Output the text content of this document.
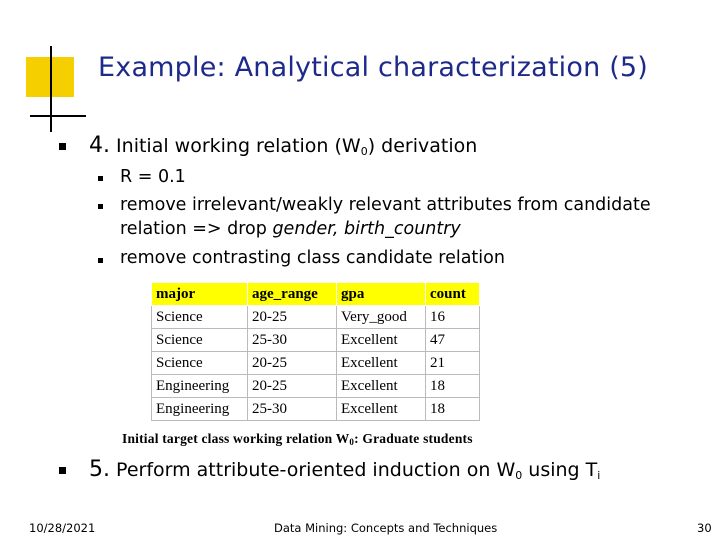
Example: Analytical characterization (5)
4. Initial working relation $(W_0)$ derivation
R = 0.1
remove irrelevant/weakly relevant attributes from candidate
relation => drop gender, birth_country
remove contrasting class candidate relation
major	age_range	gpa	count
Science	20-25	Very_good	16
Science	25-30	Excellent	47
Science	20-25	Excellent	21
Engineering	20-25	Excellent	18
Engineering	25-30	Excellent	18
Initial target class working relation $W_0$: Graduate students
5. Perform attribute-oriented induction on $W_0$ using $T_i$
10/28/2021	Data Mining: Concepts and Techniques	30
